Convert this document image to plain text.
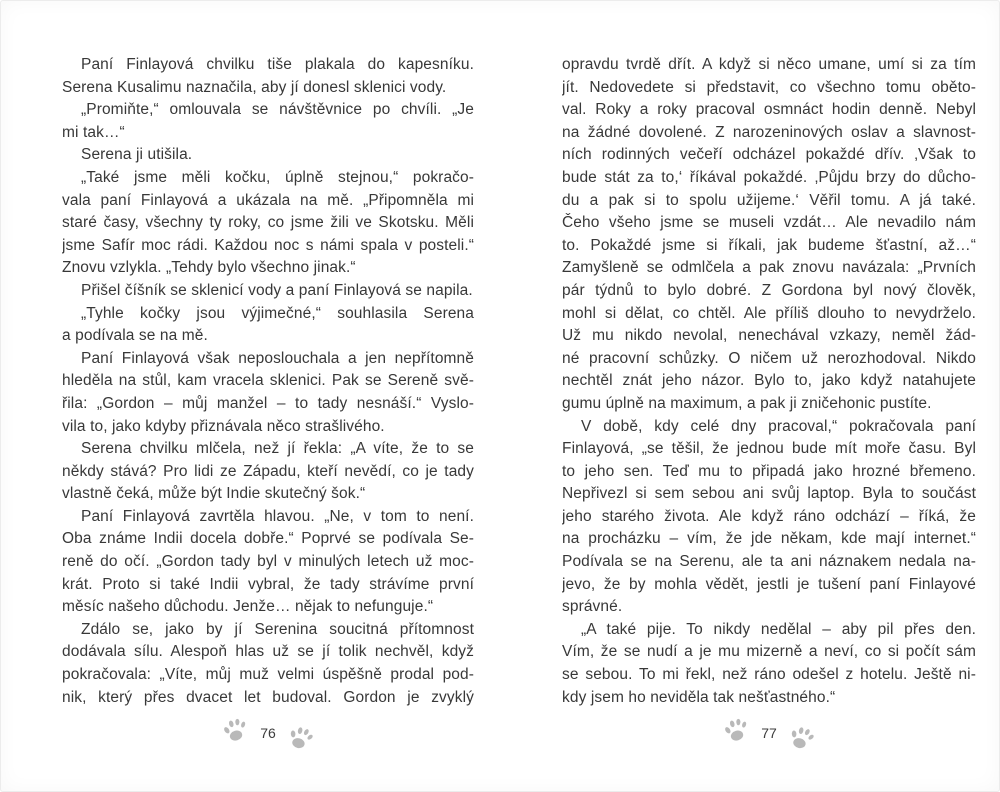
Paní Finlayová chvilku tiše plakala do kapesníku.
Serena Kusalimu naznačila, aby jí donesl sklenici vody.
„Promiňte,“ omlouvala se návštěvnice po chvíli. „Je
mi tak…“
Serena ji utišila.
„Také jsme měli kočku, úplně stejnou,“ pokračo-
vala paní Finlayová a ukázala na mě. „Připomněla mi
staré časy, všechny ty roky, co jsme žili ve Skotsku. Měli
jsme Safír moc rádi. Každou noc s námi spala v posteli.“
Znovu vzlykla. „Tehdy bylo všechno jinak.“
Přišel číšník se sklenicí vody a paní Finlayová se napila.
„Tyhle kočky jsou výjimečné,“ souhlasila Serena
a podívala se na mě.
Paní Finlayová však neposlouchala a jen nepřítomně
hleděla na stůl, kam vracela sklenici. Pak se Sereně svě-
řila: „Gordon – můj manžel – to tady nesnáší.“ Vyslo-
vila to, jako kdyby přiznávala něco strašlivého.
Serena chvilku mlčela, než jí řekla: „A víte, že to se
někdy stává? Pro lidi ze Západu, kteří nevědí, co je tady
vlastně čeká, může být Indie skutečný šok.“
Paní Finlayová zavrtěla hlavou. „Ne, v tom to není.
Oba známe Indii docela dobře.“ Poprvé se podívala Se-
reně do očí. „Gordon tady byl v minulých letech už moc-
krát. Proto si také Indii vybral, že tady strávíme první
měsíc našeho důchodu. Jenže… nějak to nefunguje.“
Zdálo se, jako by jí Serenina soucitná přítomnost
dodávala sílu. Alespoň hlas už se jí tolik nechvěl, když
pokračovala: „Víte, můj muž velmi úspěšně prodal pod-
nik, který přes dvacet let budoval. Gordon je zvyklý
opravdu tvrdě dřít. A když si něco umane, umí si za tím
jít. Nedovedete si představit, co všechno tomu oběto-
val. Roky a roky pracoval osmnáct hodin denně. Nebyl
na žádné dovolené. Z narozeninových oslav a slavnost-
ních rodinných večeří odcházel pokaždé dřív. ‚Však to
bude stát za to,‘ říkával pokaždé. ‚Půjdu brzy do důcho-
du a pak si to spolu užijeme.‘ Věřil tomu. A já také.
Čeho všeho jsme se museli vzdát… Ale nevadilo nám
to. Pokaždé jsme si říkali, jak budeme šťastní, až…“
Zamyšleně se odmlčela a pak znovu navázala: „Prvních
pár týdnů to bylo dobré. Z Gordona byl nový člověk,
mohl si dělat, co chtěl. Ale příliš dlouho to nevydrželo.
Už mu nikdo nevolal, nenechával vzkazy, neměl žád-
né pracovní schůzky. O ničem už nerozhodoval. Nikdo
nechtěl znát jeho názor. Bylo to, jako když natahujete
gumu úplně na maximum, a pak ji zničehonic pustíte.
V době, kdy celé dny pracoval,“ pokračovala paní
Finlayová, „se těšil, že jednou bude mít moře času. Byl
to jeho sen. Teď mu to připadá jako hrozné břemeno.
Nepřivezl si sem sebou ani svůj laptop. Byla to součást
jeho starého života. Ale když ráno odchází – říká, že
na procházku – vím, že jde někam, kde mají internet.“
Podívala se na Serenu, ale ta ani náznakem nedala na-
jevo, že by mohla vědět, jestli je tušení paní Finlayové
správné.
„A také pije. To nikdy nedělal – aby pil přes den.
Vím, že se nudí a je mu mizerně a neví, co si počít sám
se sebou. To mi řekl, než ráno odešel z hotelu. Ještě ni-
kdy jsem ho neviděla tak nešťastného.“
76	77
